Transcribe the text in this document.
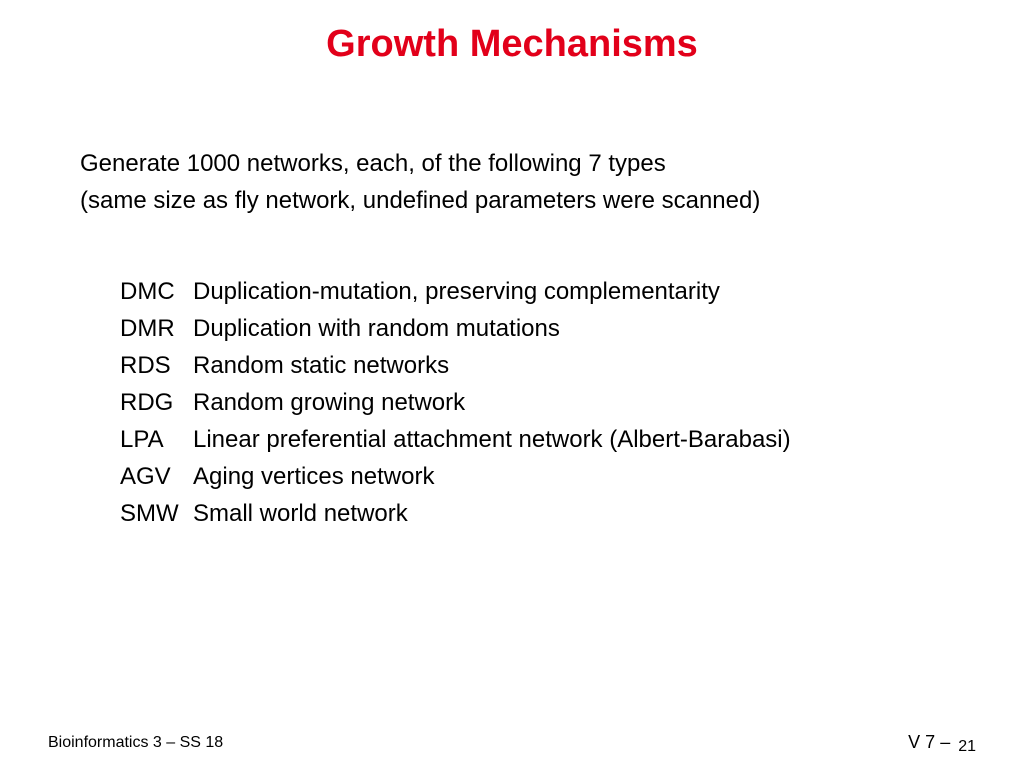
Growth Mechanisms
Generate 1000 networks, each, of the following 7 types
(same size as fly network, undefined parameters were scanned)
DMC Duplication-mutation, preserving complementarity
DMR Duplication with random mutations
RDS Random static networks
RDG Random growing network
LPA Linear preferential attachment network (Albert-Barabasi)
AGV Aging vertices network
SMW Small world network
Bioinformatics 3 – SS 18	V 7 – 21
